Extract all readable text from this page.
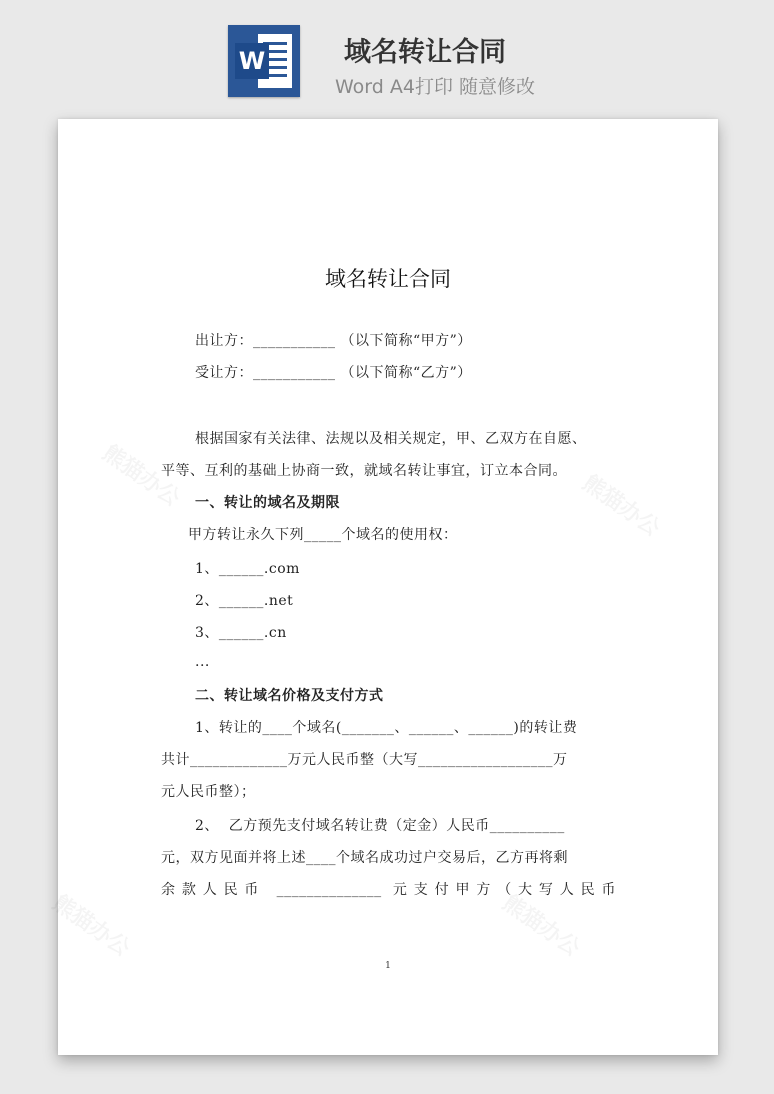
W	域名转让合同
Word A4打印 随意修改
域名转让合同
出让方：___________ （以下简称“甲方”）
受让方：___________ （以下简称“乙方”）
根据国家有关法律、法规以及相关规定，甲、乙双方在自愿、
平等、互利的基础上协商一致，就域名转让事宜，订立本合同。
一、转让的域名及期限
甲方转让永久下列_____个域名的使用权：
1、______.com
2、______.net
3、______.cn
...
二、转让域名价格及支付方式
1、转让的____个域名(_______、______、______)的转让费
共计_____________万元人民币整（大写__________________万
元人民币整）；
2、  乙方预先支付域名转让费（定金）人民币__________
元，双方见面并将上述____个域名成功过户交易后，乙方再将剩
余款人民币 ______________ 元支付甲方（大写人民币
1
